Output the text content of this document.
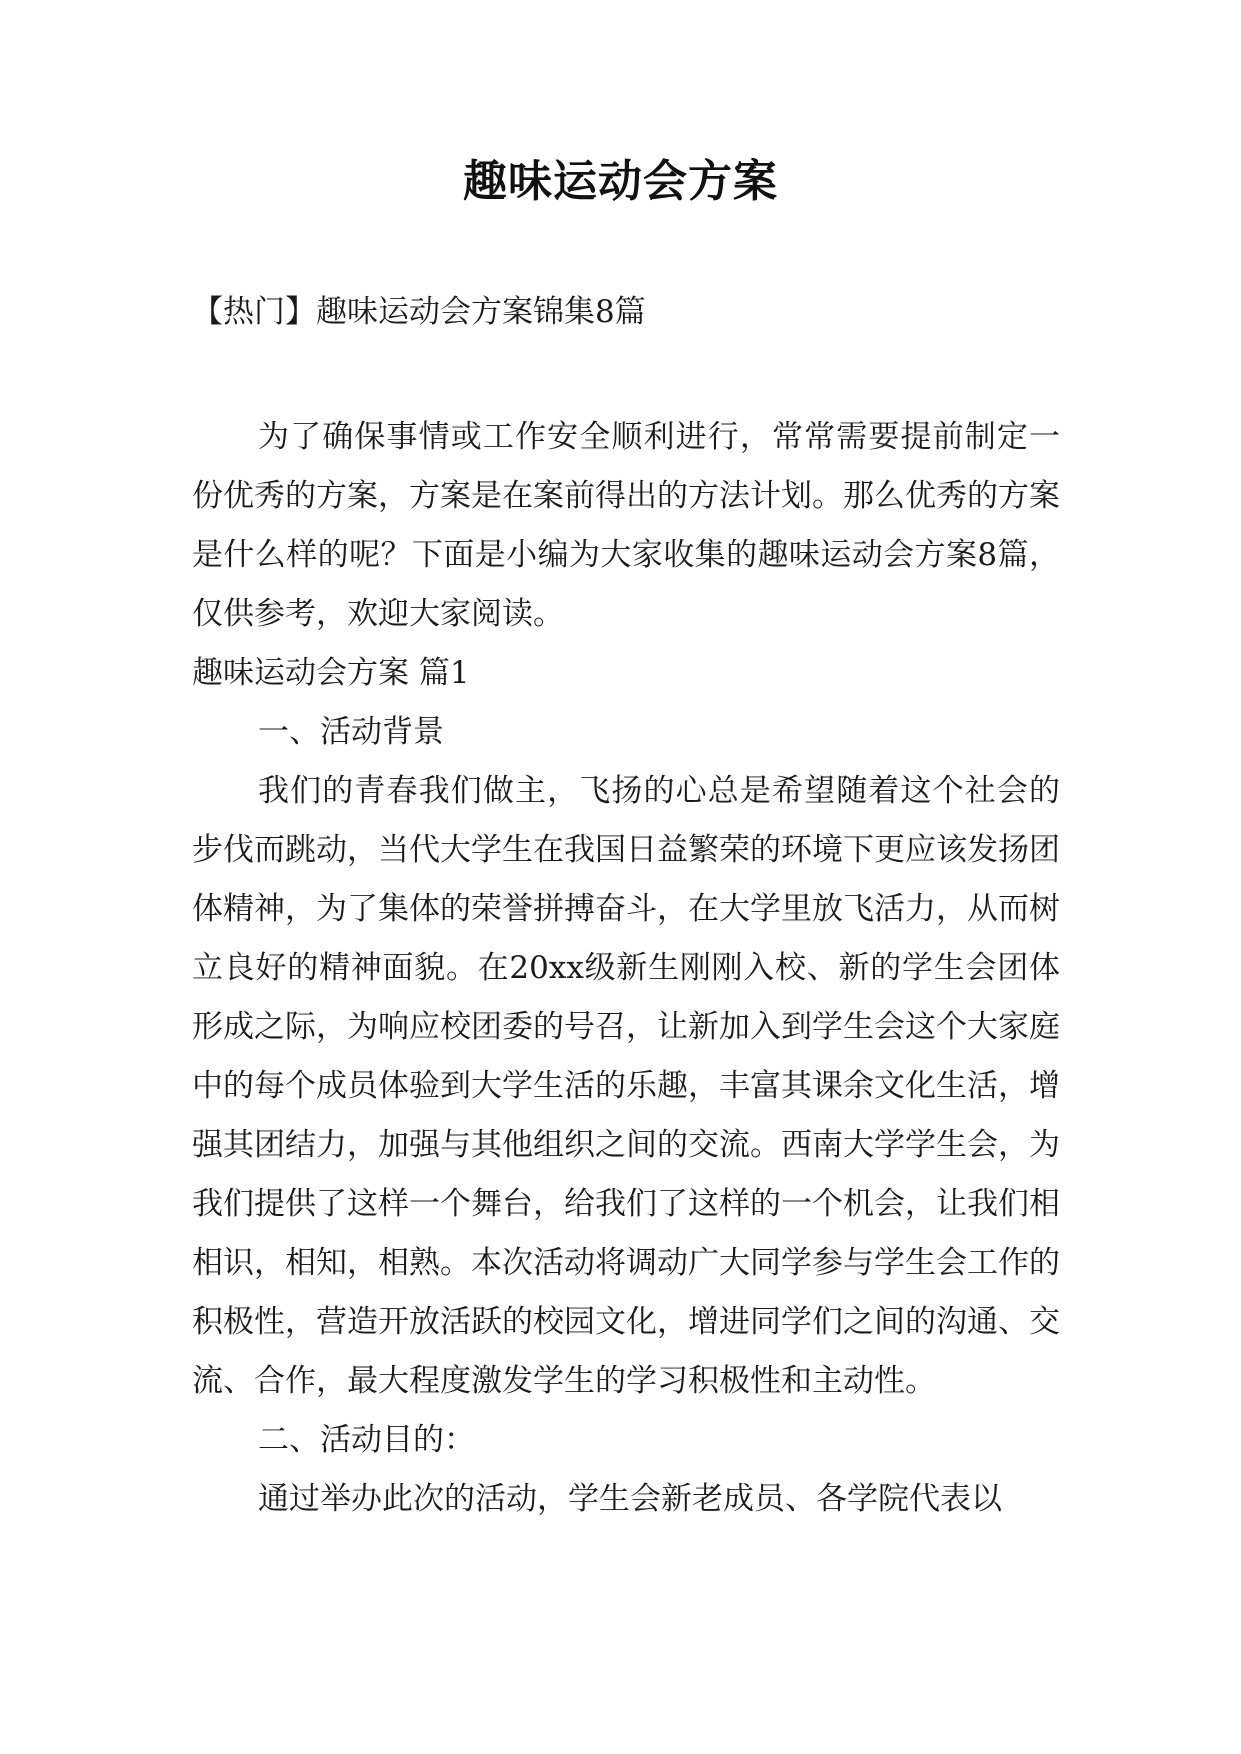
趣味运动会方案
【热门】趣味运动会方案锦集8篇

为了确保事情或工作安全顺利进行，常常需要提前制定一份优秀的方案，方案是在案前得出的方法计划。那么优秀的方案是什么样的呢？下面是小编为大家收集的趣味运动会方案8篇，仅供参考，欢迎大家阅读。

趣味运动会方案 篇1

一、活动背景

我们的青春我们做主，飞扬的心总是希望随着这个社会的步伐而跳动，当代大学生在我国日益繁荣的环境下更应该发扬团体精神，为了集体的荣誉拼搏奋斗，在大学里放飞活力，从而树立良好的精神面貌。在20xx级新生刚刚入校、新的学生会团体形成之际，为响应校团委的号召，让新加入到学生会这个大家庭中的每个成员体验到大学生活的乐趣，丰富其课余文化生活，增强其团结力，加强与其他组织之间的交流。西南大学学生会，为我们提供了这样一个舞台，给我们了这样的一个机会，让我们相相识，相知，相熟。本次活动将调动广大同学参与学生会工作的积极性，营造开放活跃的校园文化，增进同学们之间的沟通、交流、合作，最大程度激发学生的学习积极性和主动性。

二、活动目的：

通过举办此次的活动，学生会新老成员、各学院代表以
